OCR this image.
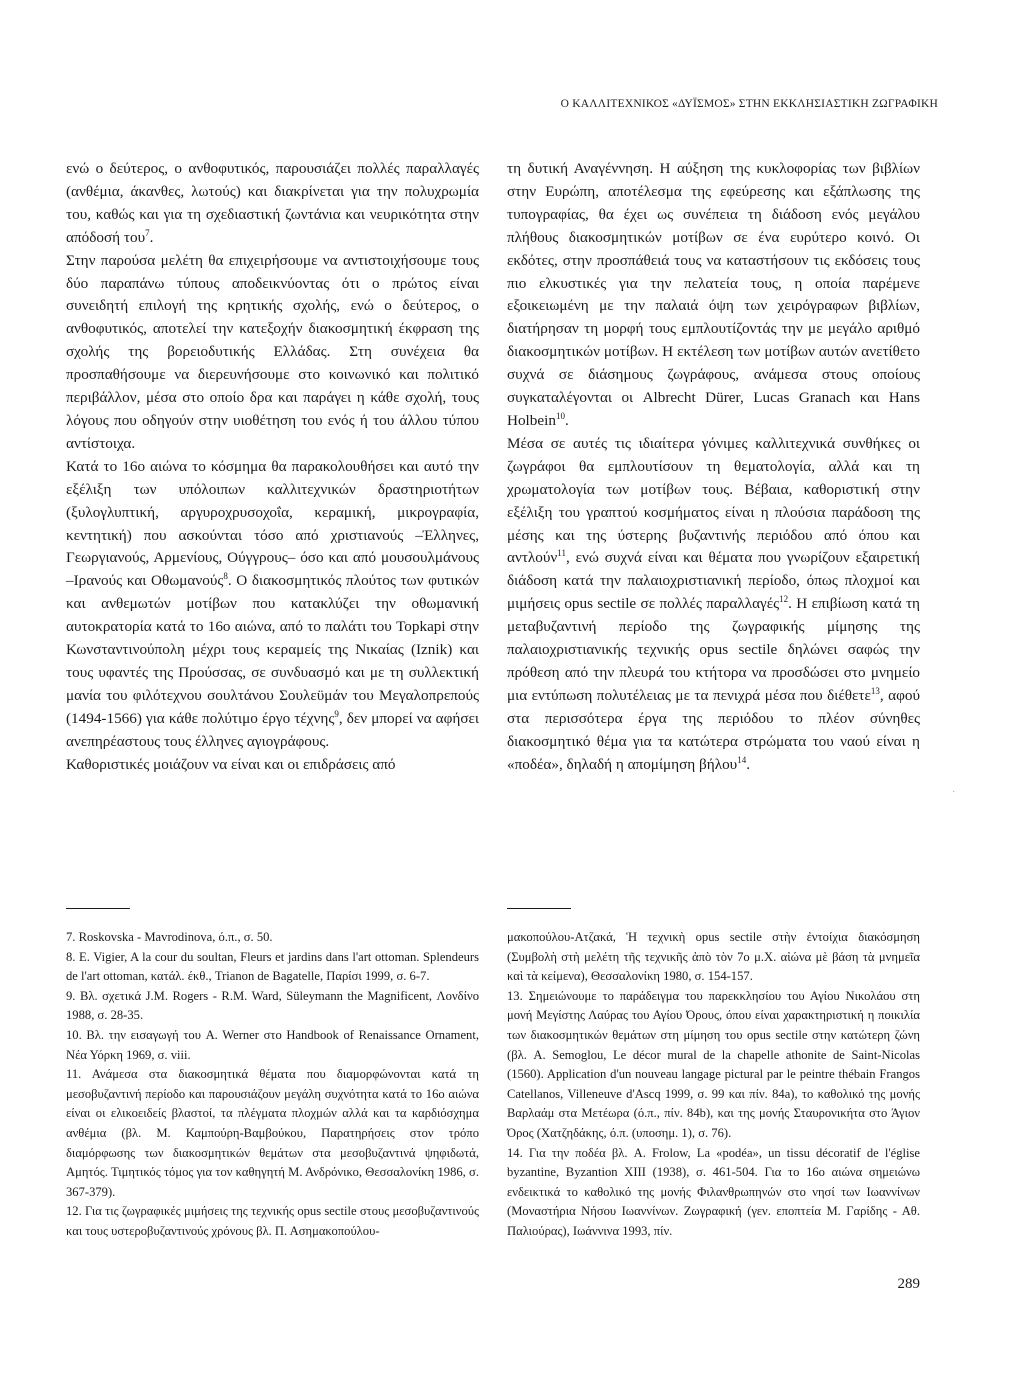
Ο ΚΑΛΛΙΤΕΧΝΙΚΟΣ «ΔΥΪΣΜΟΣ» ΣΤΗΝ ΕΚΚΛΗΣΙΑΣΤΙΚΗ ΖΩΓΡΑΦΙΚΗ

ενώ ο δεύτερος, ο ανθοφυτικός, παρουσιάζει πολλές παραλλαγές (ανθέμια, άκανθες, λωτούς) και διακρίνεται για την πολυχρωμία του, καθώς και για τη σχεδιαστική ζωντάνια και νευρικότητα στην απόδοσή του$^7$.

Στην παρούσα μελέτη θα επιχειρήσουμε να αντιστοιχήσουμε τους δύο παραπάνω τύπους αποδεικνύοντας ότι ο πρώτος είναι συνειδητή επιλογή της κρητικής σχολής, ενώ ο δεύτερος, ο ανθοφυτικός, αποτελεί την κατεξοχήν διακοσμητική έκφραση της σχολής της βορειοδυτικής Ελλάδας. Στη συνέχεια θα προσπαθήσουμε να διερευνήσουμε στο κοινωνικό και πολιτικό περιβάλλον, μέσα στο οποίο δρα και παράγει η κάθε σχολή, τους λόγους που οδηγούν στην υιοθέτηση του ενός ή του άλλου τύπου αντίστοιχα.

Κατά το 16ο αιώνα το κόσμημα θα παρακολουθήσει και αυτό την εξέλιξη των υπόλοιπων καλλιτεχνικών δραστηριοτήτων (ξυλογλυπτική, αργυροχρυσοχοΐα, κεραμική, μικρογραφία, κεντητική) που ασκούνται τόσο από χριστιανούς –Έλληνες, Γεωργιανούς, Αρμενίους, Ούγγρους– όσο και από μουσουλμάνους –Ιρανούς και Οθωμανούς$^8$. Ο διακοσμητικός πλούτος των φυτικών και ανθεμωτών μοτίβων που κατακλύζει την οθωμανική αυτοκρατορία κατά το 16ο αιώνα, από το παλάτι του Topkapi στην Κωνσταντινούπολη μέχρι τους κεραμείς της Νικαίας (Iznik) και τους υφαντές της Προύσσας, σε συνδυασμό και με τη συλλεκτική μανία του φιλότεχνου σουλτάνου Σουλεϋμάν του Μεγαλοπρεπούς (1494-1566) για κάθε πολύτιμο έργο τέχνης$^9$, δεν μπορεί να αφήσει ανεπηρέαστους τους έλληνες αγιογράφους.

Καθοριστικές μοιάζουν να είναι και οι επιδράσεις από

τη δυτική Αναγέννηση. Η αύξηση της κυκλοφορίας των βιβλίων στην Ευρώπη, αποτέλεσμα της εφεύρεσης και εξάπλωσης της τυπογραφίας, θα έχει ως συνέπεια τη διάδοση ενός μεγάλου πλήθους διακοσμητικών μοτίβων σε ένα ευρύτερο κοινό. Οι εκδότες, στην προσπάθειά τους να καταστήσουν τις εκδόσεις τους πιο ελκυστικές για την πελατεία τους, η οποία παρέμενε εξοικειωμένη με την παλαιά όψη των χειρόγραφων βιβλίων, διατήρησαν τη μορφή τους εμπλουτίζοντάς την με μεγάλο αριθμό διακοσμητικών μοτίβων. Η εκτέλεση των μοτίβων αυτών ανετίθετο συχνά σε διάσημους ζωγράφους, ανάμεσα στους οποίους συγκαταλέγονται οι Albrecht Dürer, Lucas Granach και Hans Holbein$^{10}$.

Μέσα σε αυτές τις ιδιαίτερα γόνιμες καλλιτεχνικά συνθήκες οι ζωγράφοι θα εμπλουτίσουν τη θεματολογία, αλλά και τη χρωματολογία των μοτίβων τους. Βέβαια, καθοριστική στην εξέλιξη του γραπτού κοσμήματος είναι η πλούσια παράδοση της μέσης και της ύστερης βυζαντινής περιόδου από όπου και αντλούν$^{11}$, ενώ συχνά είναι και θέματα που γνωρίζουν εξαιρετική διάδοση κατά την παλαιοχριστιανική περίοδο, όπως πλοχμοί και μιμήσεις opus sectile σε πολλές παραλλαγές$^{12}$. Η επιβίωση κατά τη μεταβυζαντινή περίοδο της ζωγραφικής μίμησης της παλαιοχριστιανικής τεχνικής opus sectile δηλώνει σαφώς την πρόθεση από την πλευρά του κτήτορα να προσδώσει στο μνημείο μια εντύπωση πολυτέλειας με τα πενιχρά μέσα που διέθετε$^{13}$, αφού στα περισσότερα έργα της περιόδου το πλέον σύνηθες διακοσμητικό θέμα για τα κατώτερα στρώματα του ναού είναι η «ποδέα», δηλαδή η απομίμηση βήλου$^{14}$.

7. Roskovska - Mavrodinova, ό.π., σ. 50.

8. E. Vigier, A la cour du soultan, Fleurs et jardins dans l'art ottoman. Splendeurs de l'art ottoman, κατάλ. έκθ., Trianon de Bagatelle, Παρίσι 1999, σ. 6-7.

9. Βλ. σχετικά J.M. Rogers - R.M. Ward, Süleymann the Magnificent, Λονδίνο 1988, σ. 28-35.

10. Βλ. την εισαγωγή του A. Werner στο Handbook of Renaissance Ornament, Νέα Υόρκη 1969, σ. viii.

11. Ανάμεσα στα διακοσμητικά θέματα που διαμορφώνονται κατά τη μεσοβυζαντινή περίοδο και παρουσιάζουν μεγάλη συχνότητα κατά το 16ο αιώνα είναι οι ελικοειδείς βλαστοί, τα πλέγματα πλοχμών αλλά και τα καρδιόσχημα ανθέμια (βλ. Μ. Καμπούρη-Βαμβούκου, Παρατηρήσεις στον τρόπο διαμόρφωσης των διακοσμητικών θεμάτων στα μεσοβυζαντινά ψηφιδωτά, Αμητός. Τιμητικός τόμος για τον καθηγητή Μ. Ανδρόνικο, Θεσσαλονίκη 1986, σ. 367-379).

12. Για τις ζωγραφικές μιμήσεις της τεχνικής opus sectile στους μεσοβυζαντινούς και τους υστεροβυζαντινούς χρόνους βλ. Π. Ασημακοπούλου-

μακοπούλου-Ατζακά, Ἡ τεχνικὴ opus sectile στὴν ἐντοίχια διακόσμηση (Συμβολὴ στὴ μελέτη τῆς τεχνικῆς ἀπὸ τὸν 7ο μ.Χ. αἰώνα μὲ βάση τὰ μνημεῖα καὶ τὰ κείμενα), Θεσσαλονίκη 1980, σ. 154-157.

13. Σημειώνουμε το παράδειγμα του παρεκκλησίου του Αγίου Νικολάου στη μονή Μεγίστης Λαύρας του Αγίου Όρους, όπου είναι χαρακτηριστική η ποικιλία των διακοσμητικών θεμάτων στη μίμηση του opus sectile στην κατώτερη ζώνη (βλ. A. Semoglou, Le décor mural de la chapelle athonite de Saint-Nicolas (1560). Application d'un nouveau langage pictural par le peintre thébain Frangos Catellanos, Villeneuve d'Ascq 1999, σ. 99 και πίν. 84a), το καθολικό της μονής Βαρλαάμ στα Μετέωρα (ό.π., πίν. 84b), και της μονής Σταυρονικήτα στο Άγιον Όρος (Χατζηδάκης, ό.π. (υποσημ. 1), σ. 76).

14. Για την ποδέα βλ. A. Frolow, La «podéa», un tissu décoratif de l'église byzantine, Byzantion XIII (1938), σ. 461-504. Για το 16ο αιώνα σημειώνω ενδεικτικά το καθολικό της μονής Φιλανθρωπηνών στο νησί των Ιωαννίνων (Μοναστήρια Νήσου Ιωαννίνων. Ζωγραφική (γεν. εποπτεία Μ. Γαρίδης - Αθ. Παλιούρας), Ιωάννινα 1993, πίν.

·
289
